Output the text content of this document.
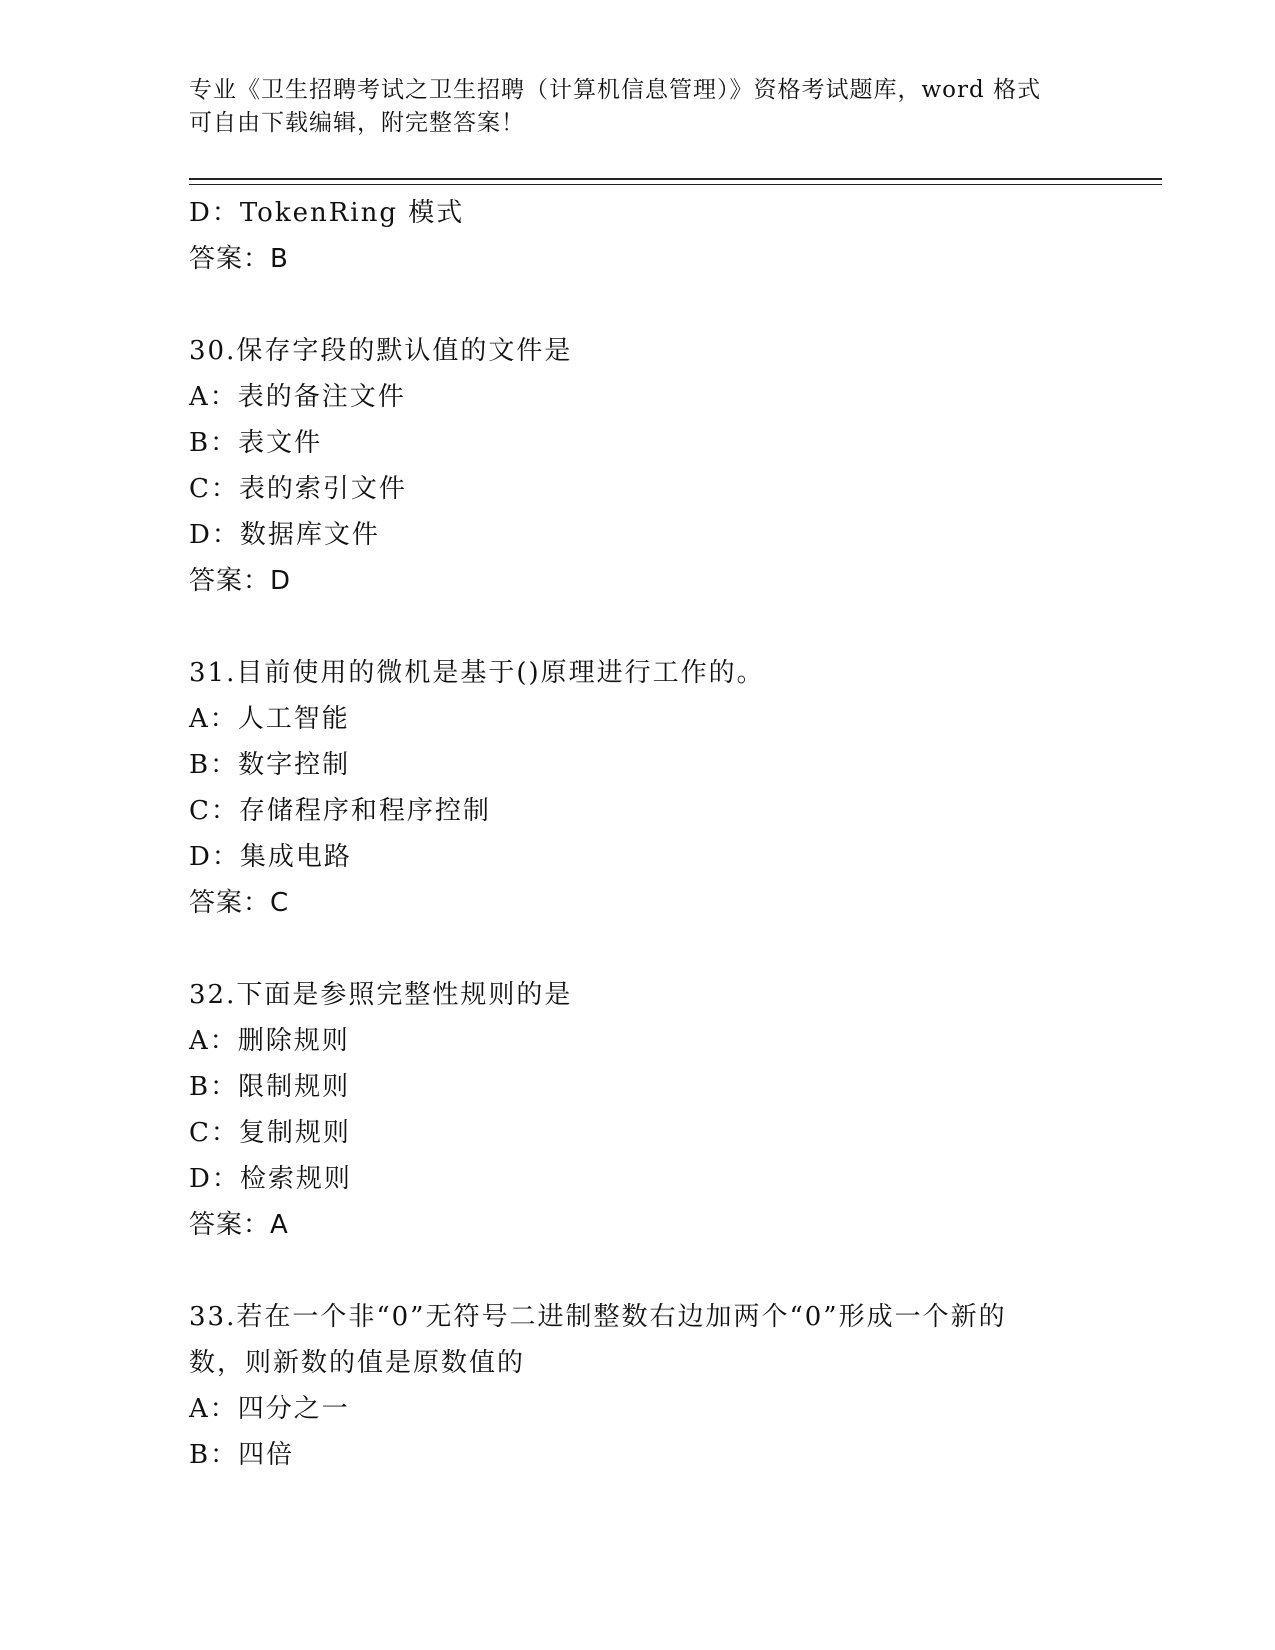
专业《卫生招聘考试之卫生招聘（计算机信息管理）》资格考试题库，word 格式
可自由下载编辑，附完整答案！
D：TokenRing 模式
答案：B
30.保存字段的默认值的文件是
A：表的备注文件
B：表文件
C：表的索引文件
D：数据库文件
答案：D
31.目前使用的微机是基于()原理进行工作的。
A：人工智能
B：数字控制
C：存储程序和程序控制
D：集成电路
答案：C
32.下面是参照完整性规则的是
A：删除规则
B：限制规则
C：复制规则
D：检索规则
答案：A
33.若在一个非“0”无符号二进制整数右边加两个“0”形成一个新的
数，则新数的值是原数值的
A：四分之一
B：四倍
